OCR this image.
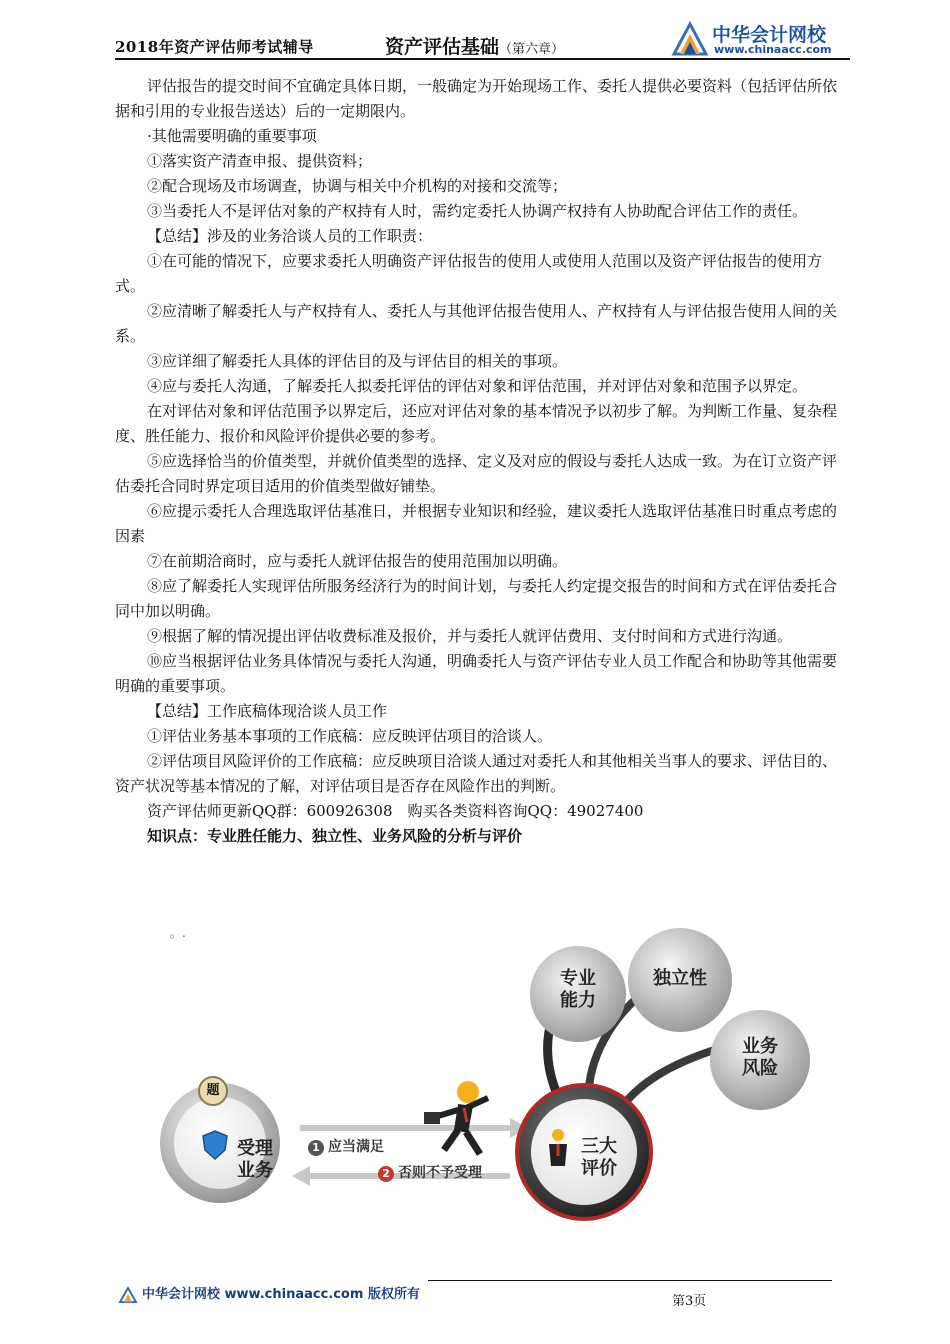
2018年资产评估师考试辅导	资产评估基础（第六章）
中华会计网校
www.chinaacc.com

评估报告的提交时间不宜确定具体日期，一般确定为开始现场工作、委托人提供必要资料（包括评估所依据和引用的专业报告送达）后的一定期限内。

·其他需要明确的重要事项

①落实资产清查申报、提供资料；

②配合现场及市场调查，协调与相关中介机构的对接和交流等；

③当委托人不是评估对象的产权持有人时，需约定委托人协调产权持有人协助配合评估工作的责任。

【总结】涉及的业务洽谈人员的工作职责：

①在可能的情况下，应要求委托人明确资产评估报告的使用人或使用人范围以及资产评估报告的使用方式。

②应清晰了解委托人与产权持有人、委托人与其他评估报告使用人、产权持有人与评估报告使用人间的关系。

③应详细了解委托人具体的评估目的及与评估目的相关的事项。

④应与委托人沟通，了解委托人拟委托评估的评估对象和评估范围，并对评估对象和范围予以界定。

在对评估对象和评估范围予以界定后，还应对评估对象的基本情况予以初步了解。为判断工作量、复杂程度、胜任能力、报价和风险评价提供必要的参考。

⑤应选择恰当的价值类型，并就价值类型的选择、定义及对应的假设与委托人达成一致。为在订立资产评估委托合同时界定项目适用的价值类型做好铺垫。

⑥应提示委托人合理选取评估基准日，并根据专业知识和经验，建议委托人选取评估基准日时重点考虑的因素

⑦在前期洽商时，应与委托人就评估报告的使用范围加以明确。

⑧应了解委托人实现评估所服务经济行为的时间计划，与委托人约定提交报告的时间和方式在评估委托合同中加以明确。

⑨根据了解的情况提出评估收费标准及报价，并与委托人就评估费用、支付时间和方式进行沟通。

⑩应当根据评估业务具体情况与委托人沟通，明确委托人与资产评估专业人员工作配合和协助等其他需要明确的重要事项。

【总结】工作底稿体现洽谈人员工作

①评估业务基本事项的工作底稿：应反映评估项目的洽谈人。

②评估项目风险评价的工作底稿：应反映项目洽谈人通过对委托人和其他相关当事人的要求、评估目的、资产状况等基本情况的了解，对评估项目是否存在风险作出的判断。

资产评估师更新QQ群：600926308　购买各类资料咨询QQ：49027400

知识点：专业胜任能力、独立性、业务风险的分析与评价

。.
受理
业务
题
1 应当满足
2 否则不予受理
三大
评价
专业
能力
独立性
业务
风险
中华会计网校 www.chinaacc.com 版权所有	第3页
